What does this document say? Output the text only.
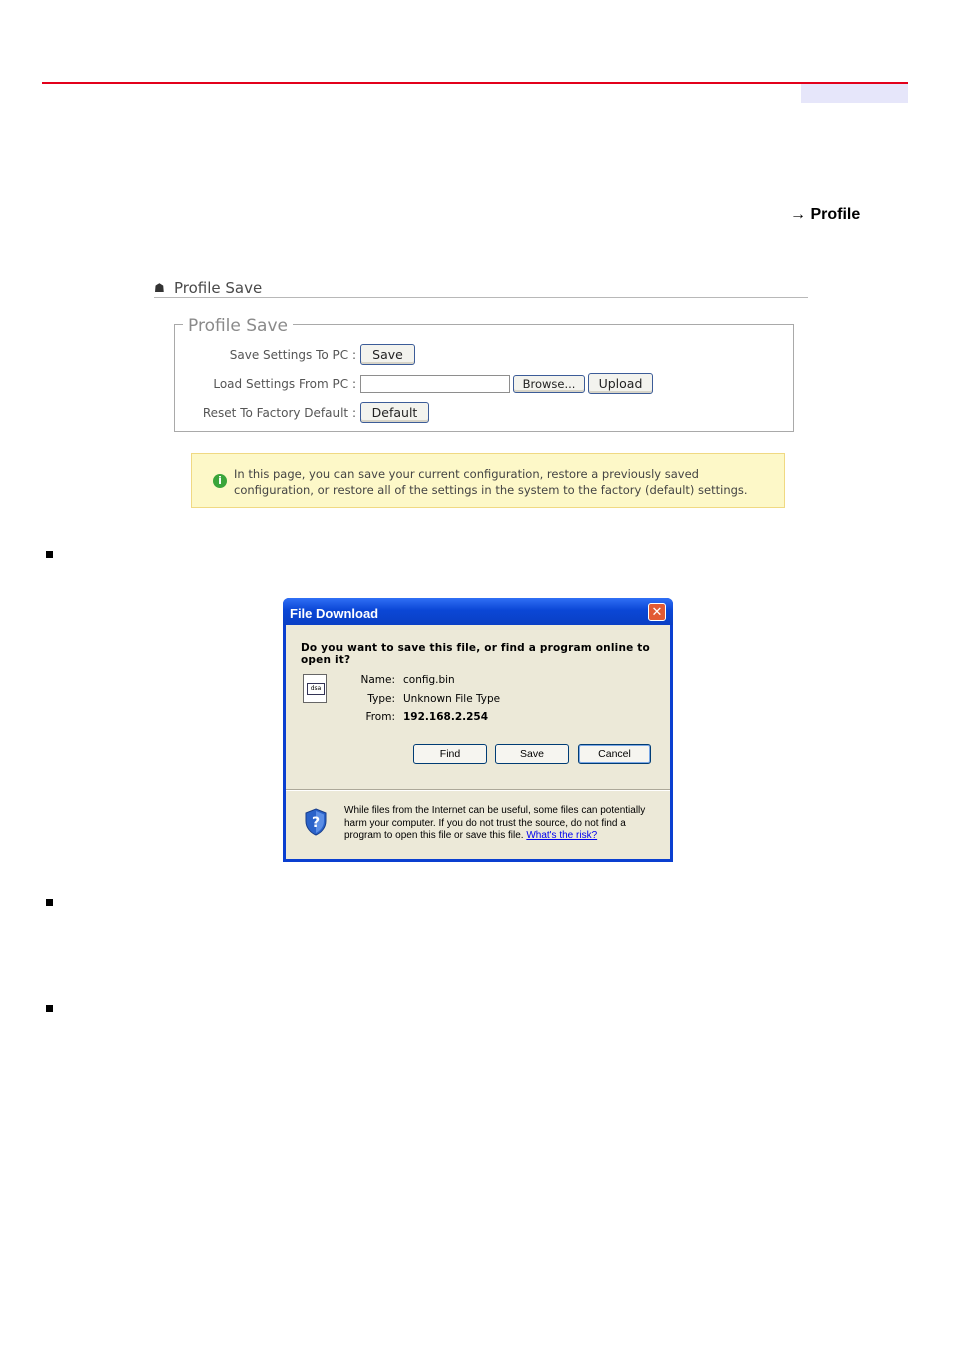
→ Profile
☗ Profile Save
Profile Save
Save Settings To PC :	Save
Load Settings From PC :	Browse...	Upload
Reset To Factory Default :	Default
i	In this page, you can save your current configuration, restore a previously saved configuration, or restore all of the settings in the system to the factory (default) settings.
File Download	✕
Do you want to save this file, or find a program online to open it?
dsa
Name: config.bin
Type: Unknown File Type
From: 192.168.2.254
Find	Save	Cancel
?
While files from the Internet can be useful, some files can potentially harm your computer. If you do not trust the source, do not find a program to open this file or save this file. What's the risk?
